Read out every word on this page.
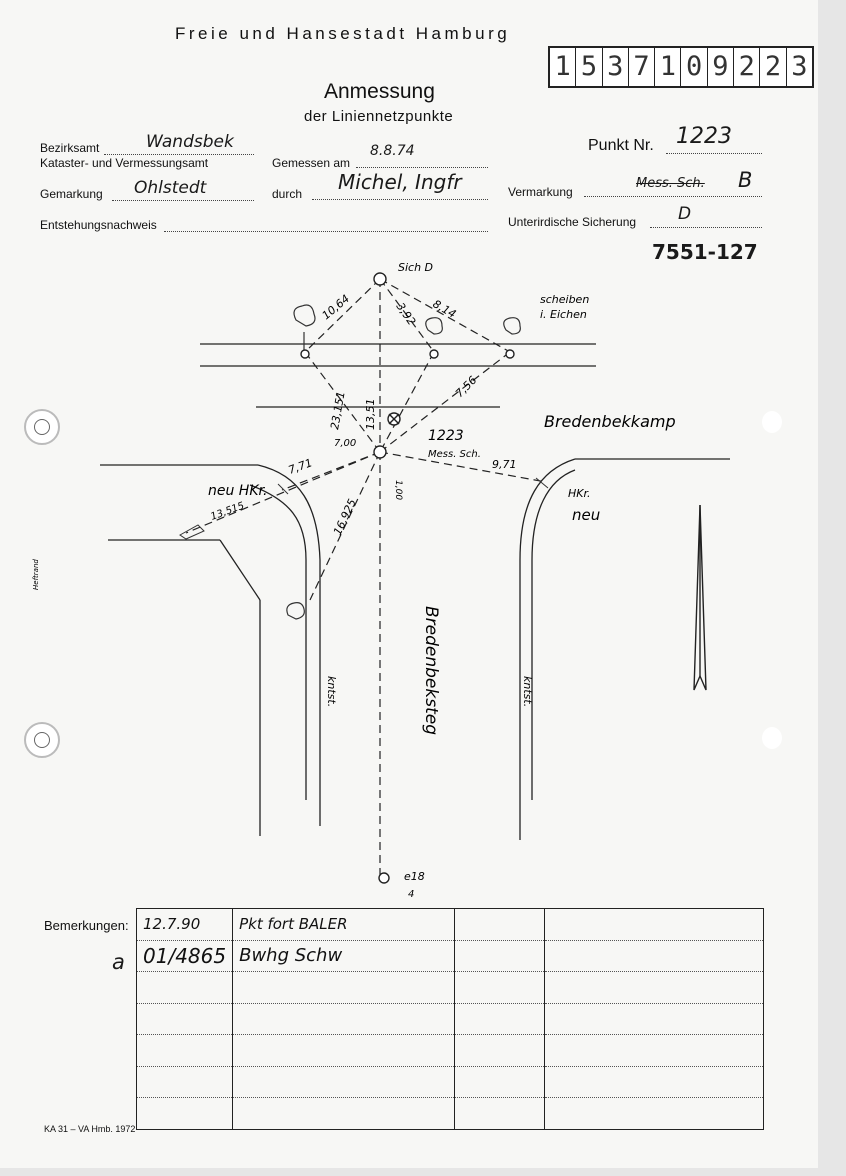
Freie und Hansestadt Hamburg
1 5 3 7 1 0 9 2 2 3
Anmessung
der Liniennetzpunkte
Bezirksamt	Wandsbek
Kataster- und Vermessungsamt
Gemarkung Ohlstedt
Entstehungsnachweis
Gemessen am
8.8.74
durch Michel, Ingfr
Punkt Nr. 1223
Vermarkung
Mess. Sch. B
Unterirdische Sicherung D
7551-127
Sich D
scheiben
i. Eichen
Bredenbekkamp
Bredenbeksteg
1223
Mess. Sch.
neu HKr.	HKr.
neu
kntst.	kntst.
e18
4
Heftrand
10,64	3,92 8,14
7,56
9,71
7,71
16,925
7,00
13,515
23,151 13,51
1,00
Bemerkungen:
a
12.7.90	Pkt fort BALER		
01/4865	Bwhg Schw		

KA 31 – VA Hmb. 1972
